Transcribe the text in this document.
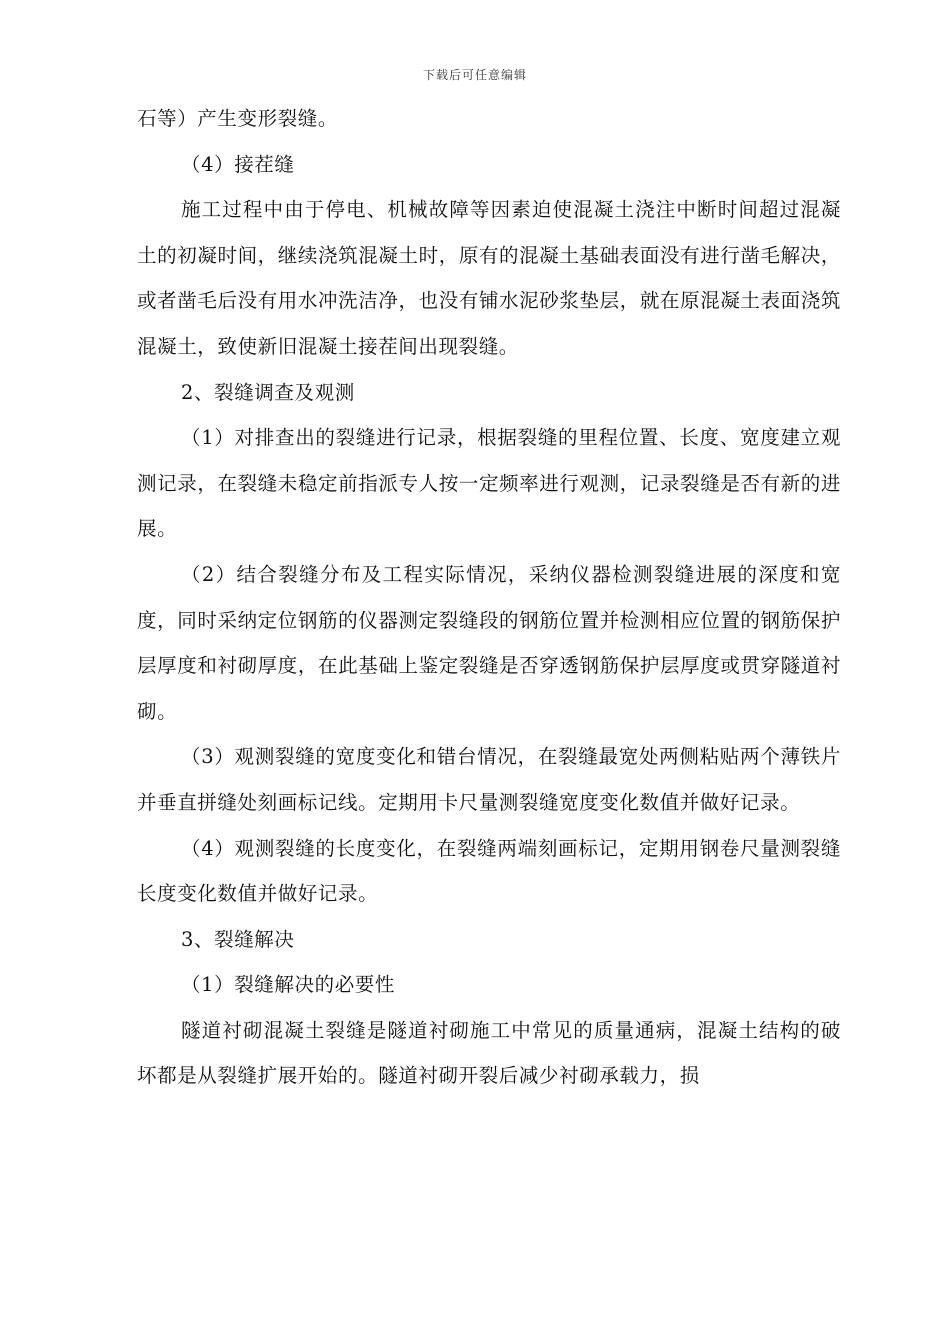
下载后可任意编辑

石等）产生变形裂缝。

（4）接茬缝

施工过程中由于停电、机械故障等因素迫使混凝土浇注中断时间超过混凝土的初凝时间，继续浇筑混凝土时，原有的混凝土基础表面没有进行凿毛解决，或者凿毛后没有用水冲洗洁净，也没有铺水泥砂浆垫层，就在原混凝土表面浇筑混凝土，致使新旧混凝土接茬间出现裂缝。

2、裂缝调查及观测

（1）对排查出的裂缝进行记录，根据裂缝的里程位置、长度、宽度建立观测记录，在裂缝未稳定前指派专人按一定频率进行观测，记录裂缝是否有新的进展。

（2）结合裂缝分布及工程实际情况，采纳仪器检测裂缝进展的深度和宽度，同时采纳定位钢筋的仪器测定裂缝段的钢筋位置并检测相应位置的钢筋保护层厚度和衬砌厚度，在此基础上鉴定裂缝是否穿透钢筋保护层厚度或贯穿隧道衬砌。

（3）观测裂缝的宽度变化和错台情况，在裂缝最宽处两侧粘贴两个薄铁片并垂直拼缝处刻画标记线。定期用卡尺量测裂缝宽度变化数值并做好记录。

（4）观测裂缝的长度变化，在裂缝两端刻画标记，定期用钢卷尺量测裂缝长度变化数值并做好记录。

3、裂缝解决

（1）裂缝解决的必要性

隧道衬砌混凝土裂缝是隧道衬砌施工中常见的质量通病，混凝土结构的破坏都是从裂缝扩展开始的。隧道衬砌开裂后减少衬砌承载力，损
